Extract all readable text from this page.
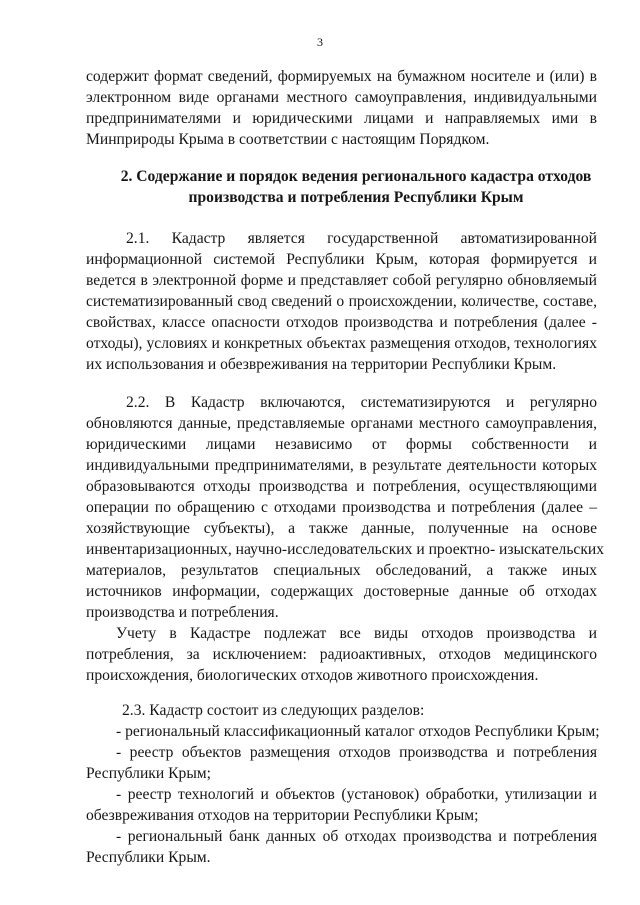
3
содержит формат сведений, формируемых на бумажном носителе и (или) в
электронном виде органами местного самоуправления, индивидуальными
предпринимателями и юридическими лицами и направляемых ими в
Минприроды Крыма в соответствии с настоящим Порядком.
2. Содержание и порядок ведения регионального кадастра отходов
производства и потребления Республики Крым
2.1. Кадастр является государственной автоматизированной
информационной системой Республики Крым, которая формируется и
ведется в электронной форме и представляет собой регулярно обновляемый
систематизированный свод сведений о происхождении, количестве, составе,
свойствах, классе опасности отходов производства и потребления (далее -
отходы), условиях и конкретных объектах размещения отходов, технологиях
их использования и обезвреживания на территории Республики Крым.
2.2. В Кадастр включаются, систематизируются и регулярно
обновляются данные, представляемые органами местного самоуправления,
юридическими лицами независимо от формы собственности и
индивидуальными предпринимателями, в результате деятельности которых
образовываются отходы производства и потребления, осуществляющими
операции по обращению с отходами производства и потребления (далее –
хозяйствующие субъекты), а также данные, полученные на основе
инвентаризационных, научно-исследовательских и проектно- изыскательских
материалов, результатов специальных обследований, а также иных
источников информации, содержащих достоверные данные об отходах
производства и потребления.
Учету в Кадастре подлежат все виды отходов производства и
потребления, за исключением: радиоактивных, отходов медицинского
происхождения, биологических отходов животного происхождения.
2.3. Кадастр состоит из следующих разделов:
- региональный классификационный каталог отходов Республики Крым;
- реестр объектов размещения отходов производства и потребления
Республики Крым;
- реестр технологий и объектов (установок) обработки, утилизации и
обезвреживания отходов на территории Республики Крым;
- региональный банк данных об отходах производства и потребления
Республики Крым.
